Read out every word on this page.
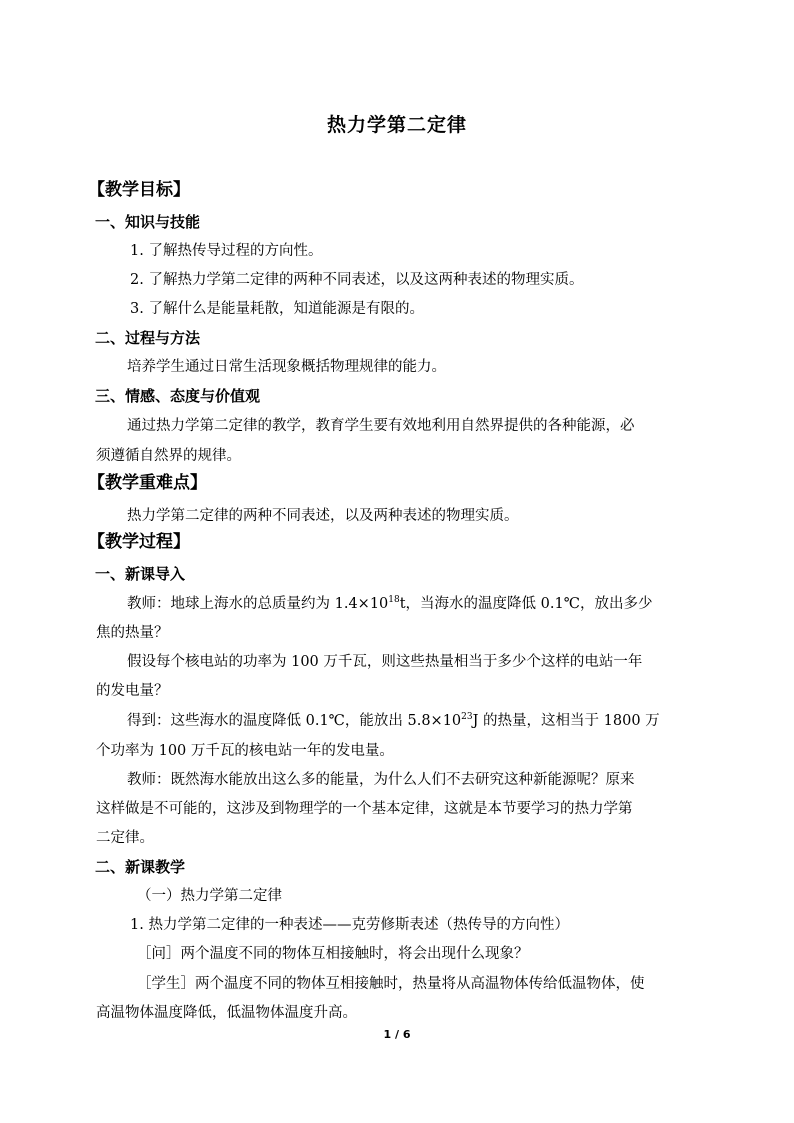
热力学第二定律
【教学目标】
一、知识与技能
1. 了解热传导过程的方向性。
2. 了解热力学第二定律的两种不同表述，以及这两种表述的物理实质。
3. 了解什么是能量耗散，知道能源是有限的。
二、过程与方法
培养学生通过日常生活现象概括物理规律的能力。
三、情感、态度与价值观
通过热力学第二定律的教学，教育学生要有效地利用自然界提供的各种能源，必
须遵循自然界的规律。
【教学重难点】
热力学第二定律的两种不同表述，以及两种表述的物理实质。
【教学过程】
一、新课导入
教师：地球上海水的总质量约为 $1.4\times 10^{18}t$，当海水的温度降低 0.1℃，放出多少
焦的热量？
假设每个核电站的功率为 100 万千瓦，则这些热量相当于多少个这样的电站一年
的发电量？
得到：这些海水的温度降低 0.1℃，能放出 $5.8\times 10^{23}J$ 的热量，这相当于 1800 万
个功率为 100 万千瓦的核电站一年的发电量。
教师：既然海水能放出这么多的能量，为什么人们不去研究这种新能源呢？原来
这样做是不可能的，这涉及到物理学的一个基本定律，这就是本节要学习的热力学第
二定律。
二、新课教学
（一）热力学第二定律
1. 热力学第二定律的一种表述——克劳修斯表述（热传导的方向性）
［问］两个温度不同的物体互相接触时，将会出现什么现象？
［学生］两个温度不同的物体互相接触时，热量将从高温物体传给低温物体，使
高温物体温度降低，低温物体温度升高。
1 / 6
